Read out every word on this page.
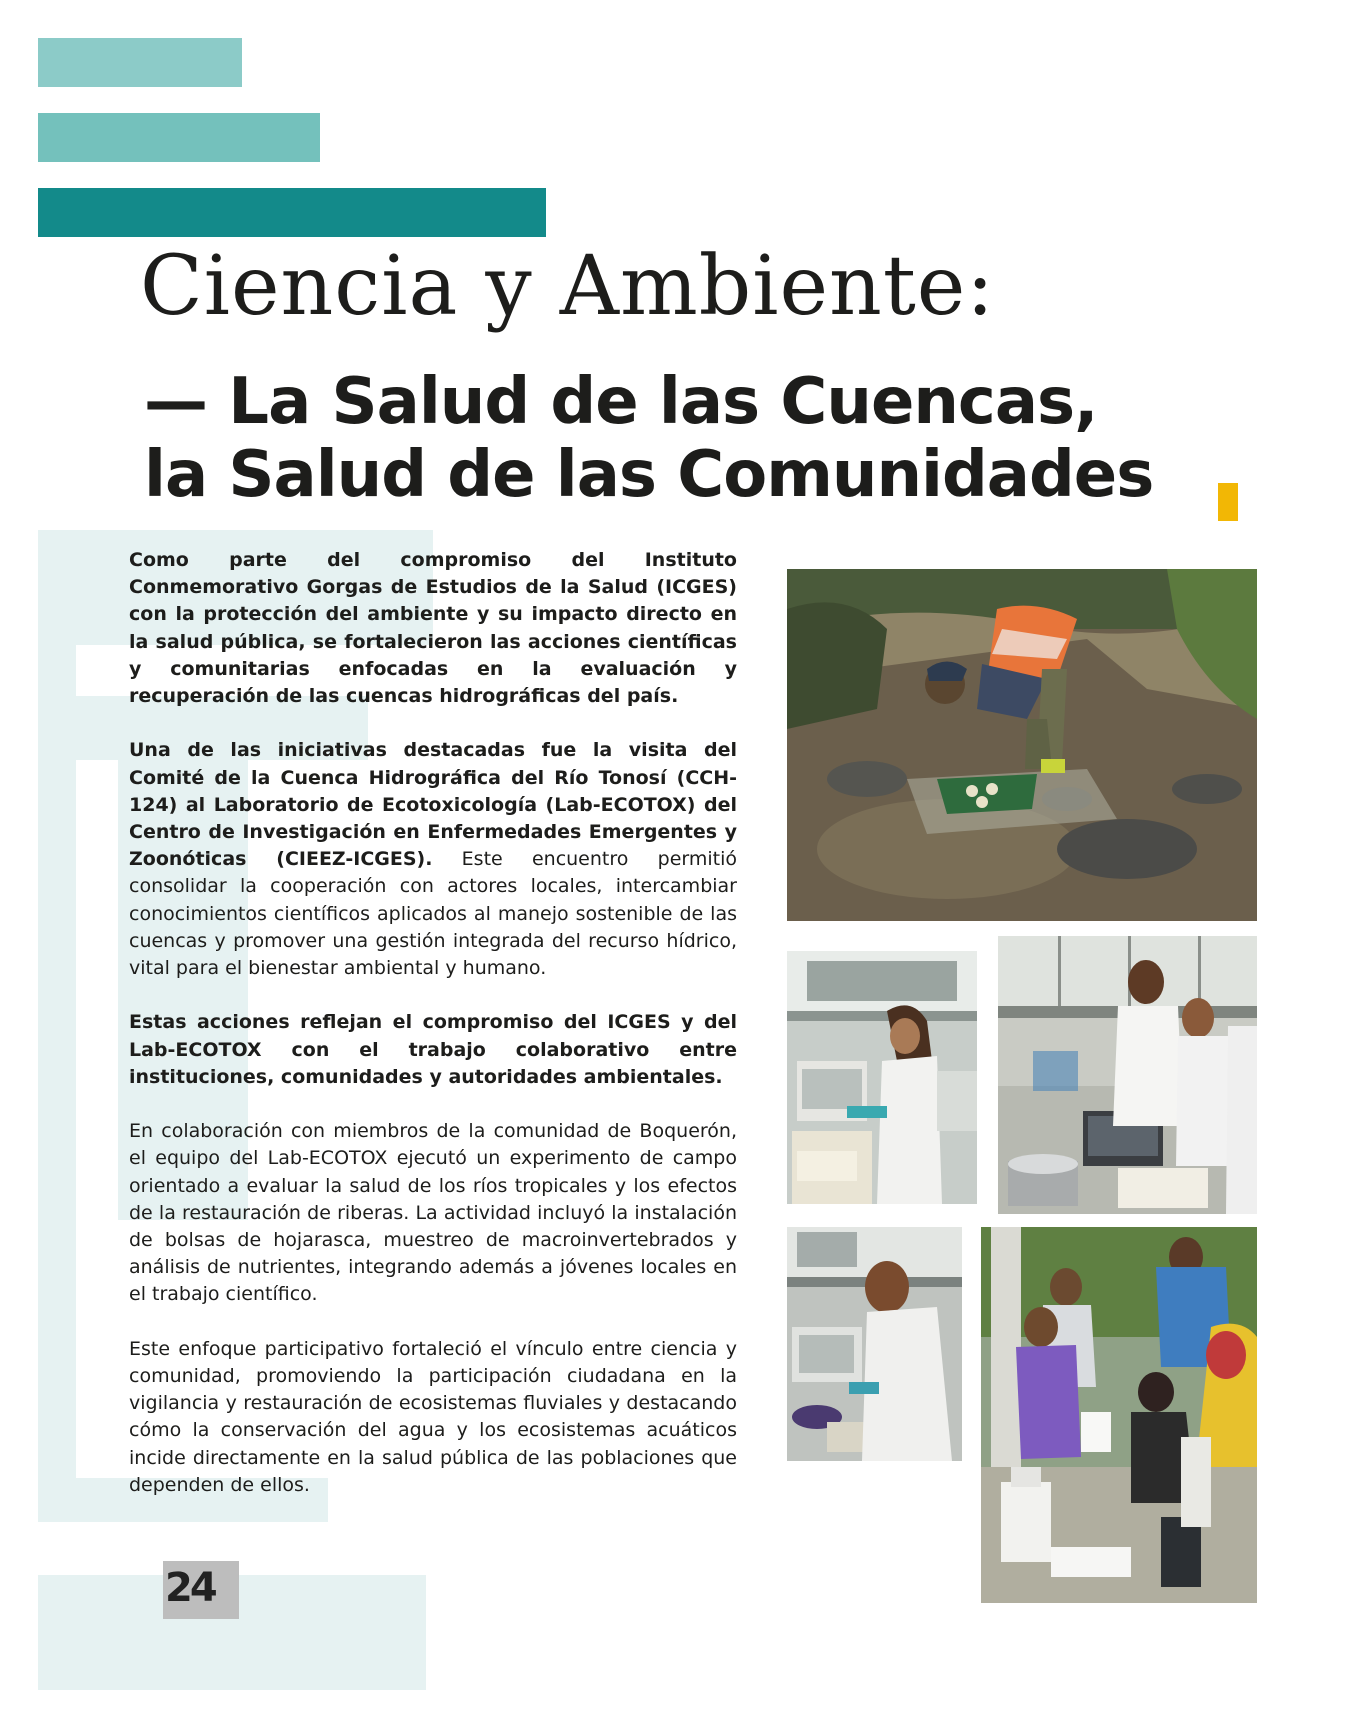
Ciencia y Ambiente:
— La Salud de las Cuencas,
la Salud de las Comunidades

Como parte del compromiso del Instituto Conmemorativo Gorgas de Estudios de la Salud (ICGES) con la protección del ambiente y su impacto directo en la salud pública, se fortalecieron las acciones científicas y comunitarias enfocadas en la evaluación y recuperación de las cuencas hidrográficas del país.

Una de las iniciativas destacadas fue la visita del Comité de la Cuenca Hidrográfica del Río Tonosí (CCH-124) al Laboratorio de Ecotoxicología (Lab-ECOTOX) del Centro de Investigación en Enfermedades Emergentes y Zoonóticas (CIEEZ-ICGES). Este encuentro permitió consolidar la cooperación con actores locales, intercambiar conocimientos científicos aplicados al manejo sostenible de las cuencas y promover una gestión integrada del recurso hídrico, vital para el bienestar ambiental y humano.

Estas acciones reflejan el compromiso del ICGES y del Lab-ECOTOX con el trabajo colaborativo entre instituciones, comunidades y autoridades ambientales.

En colaboración con miembros de la comunidad de Boquerón, el equipo del Lab-ECOTOX ejecutó un experimento de campo orientado a evaluar la salud de los ríos tropicales y los efectos de la restauración de riberas. La actividad incluyó la instalación de bolsas de hojarasca, muestreo de macroinvertebrados y análisis de nutrientes, integrando además a jóvenes locales en el trabajo científico.

Este enfoque participativo fortaleció el vínculo entre ciencia y comunidad, promoviendo la participación ciudadana en la vigilancia y restauración de ecosistemas fluviales y destacando cómo la conservación del agua y los ecosistemas acuáticos incide directamente en la salud pública de las poblaciones que dependen de ellos.

24
